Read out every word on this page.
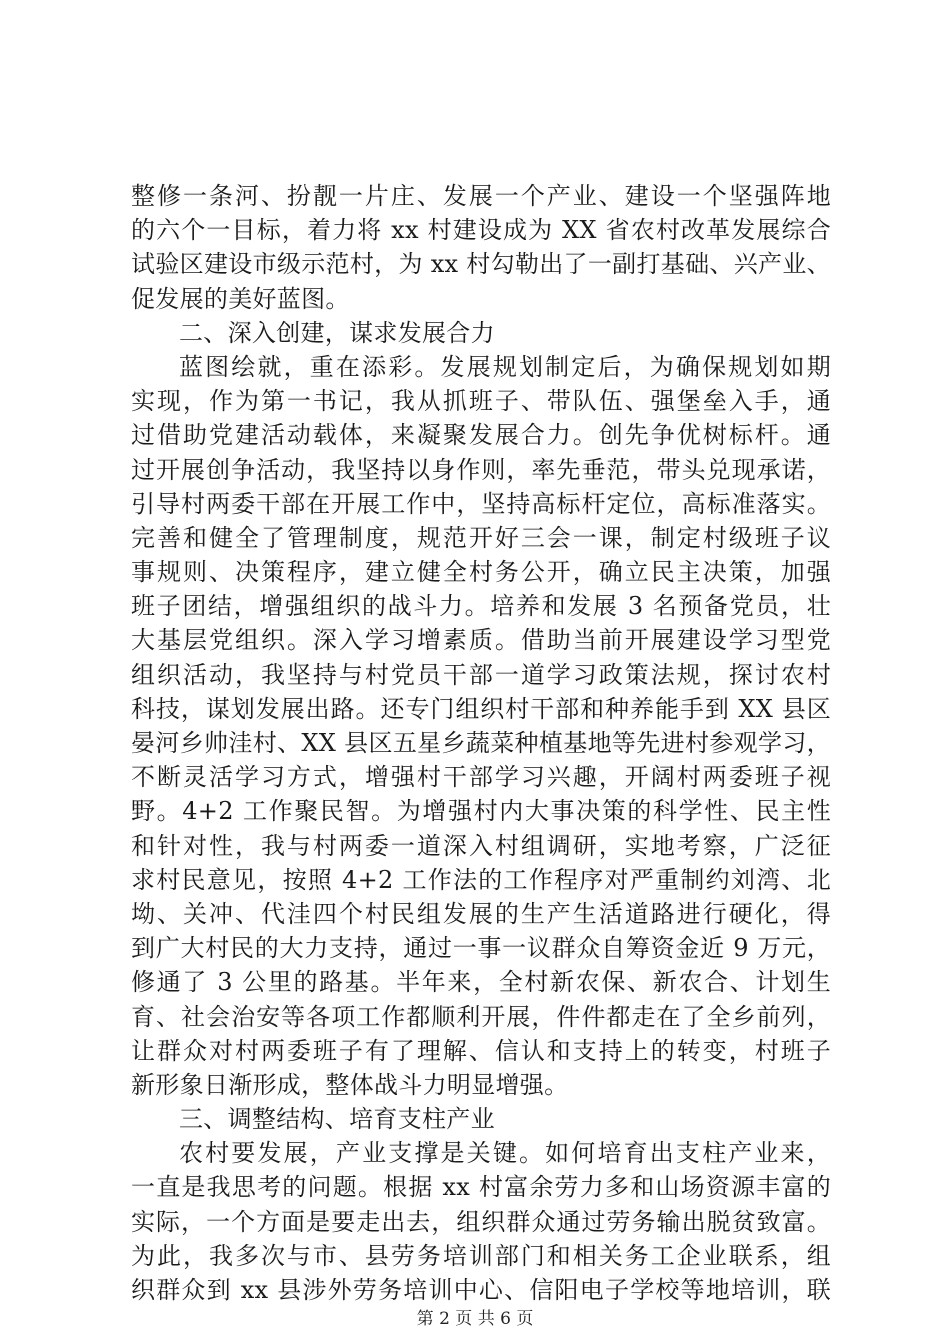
整修一条河、扮靓一片庄、发展一个产业、建设一个坚强阵地
的六个一目标，着力将 xx 村建设成为 XX 省农村改革发展综合
试验区建设市级示范村，为 xx 村勾勒出了一副打基础、兴产业、
促发展的美好蓝图。
二、深入创建，谋求发展合力
蓝图绘就，重在添彩。发展规划制定后，为确保规划如期
实现，作为第一书记，我从抓班子、带队伍、强堡垒入手，通
过借助党建活动载体，来凝聚发展合力。创先争优树标杆。通
过开展创争活动，我坚持以身作则，率先垂范，带头兑现承诺，
引导村两委干部在开展工作中，坚持高标杆定位，高标准落实。
完善和健全了管理制度，规范开好三会一课，制定村级班子议
事规则、决策程序，建立健全村务公开，确立民主决策，加强
班子团结，增强组织的战斗力。培养和发展 3 名预备党员，壮
大基层党组织。深入学习增素质。借助当前开展建设学习型党
组织活动，我坚持与村党员干部一道学习政策法规，探讨农村
科技，谋划发展出路。还专门组织村干部和种养能手到 XX 县区
晏河乡帅洼村、XX 县区五星乡蔬菜种植基地等先进村参观学习，
不断灵活学习方式，增强村干部学习兴趣，开阔村两委班子视
野。4+2 工作聚民智。为增强村内大事决策的科学性、民主性
和针对性，我与村两委一道深入村组调研，实地考察，广泛征
求村民意见，按照 4+2 工作法的工作程序对严重制约刘湾、北
坳、关冲、代洼四个村民组发展的生产生活道路进行硬化，得
到广大村民的大力支持，通过一事一议群众自筹资金近 9 万元，
修通了 3 公里的路基。半年来，全村新农保、新农合、计划生
育、社会治安等各项工作都顺利开展，件件都走在了全乡前列，
让群众对村两委班子有了理解、信认和支持上的转变，村班子
新形象日渐形成，整体战斗力明显增强。
三、调整结构、培育支柱产业
农村要发展，产业支撑是关键。如何培育出支柱产业来，
一直是我思考的问题。根据 xx 村富余劳力多和山场资源丰富的
实际，一个方面是要走出去，组织群众通过劳务输出脱贫致富。
为此，我多次与市、县劳务培训部门和相关务工企业联系，组
织群众到 xx 县涉外劳务培训中心、信阳电子学校等地培训，联
第 2 页 共 6 页
